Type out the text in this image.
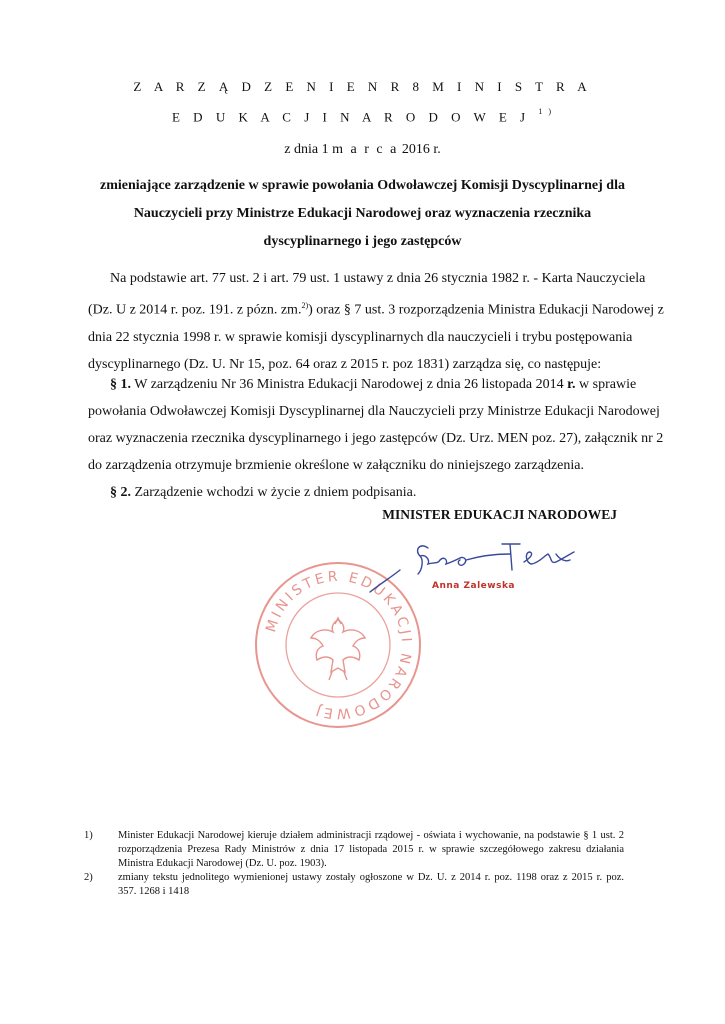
Z A R Z Ą D Z E N I E N R 8 M I N I S T R A
E D U K A C J I N A R O D O W E J $^{1 )}$
z dnia 1 m a r c a 2016 r.
zmieniające zarządzenie w sprawie powołania Odwoławczej Komisji Dyscyplinarnej dla
Nauczycieli przy Ministrze Edukacji Narodowej oraz wyznaczenia rzecznika
dyscyplinarnego i jego zastępców
Na podstawie art. 77 ust. 2 i art. 79 ust. 1 ustawy z dnia 26 stycznia 1982 r. - Karta Nauczyciela
(Dz. U z 2014 r. poz. 191. z pózn. zm.$^{2)}$) oraz § 7 ust. 3 rozporządzenia Ministra Edukacji Narodowej z
dnia 22 stycznia 1998 r. w sprawie komisji dyscyplinarnych dla nauczycieli i trybu postępowania
dyscyplinarnego (Dz. U. Nr 15, poz. 64 oraz z 2015 r. poz 1831) zarządza się, co następuje:
§ 1. W zarządzeniu Nr 36 Ministra Edukacji Narodowej z dnia 26 listopada 2014 r. w sprawie
powołania Odwoławczej Komisji Dyscyplinarnej dla Nauczycieli przy Ministrze Edukacji Narodowej
oraz wyznaczenia rzecznika dyscyplinarnego i jego zastępców (Dz. Urz. MEN poz. 27), załącznik nr 2
do zarządzenia otrzymuje brzmienie określone w załączniku do niniejszego zarządzenia.
§ 2. Zarządzenie wchodzi w życie z dniem podpisania.
MINISTER EDUKACJI NARODOWEJ
MINISTER EDUKACJI NARODOWEJ
Anna Zalewska
1) Minister Edukacji Narodowej kieruje działem administracji rządowej - oświata i wychowanie, na podstawie § 1 ust. 2
rozporządzenia Prezesa Rady Ministrów z dnia 17 listopada 2015 r. w sprawie szczegółowego zakresu działania
Ministra Edukacji Narodowej (Dz. U. poz. 1903).
2) zmiany tekstu jednolitego wymienionej ustawy zostały ogłoszone w Dz. U. z 2014 r. poz. 1198 oraz z 2015 r. poz.
357. 1268 i 1418
